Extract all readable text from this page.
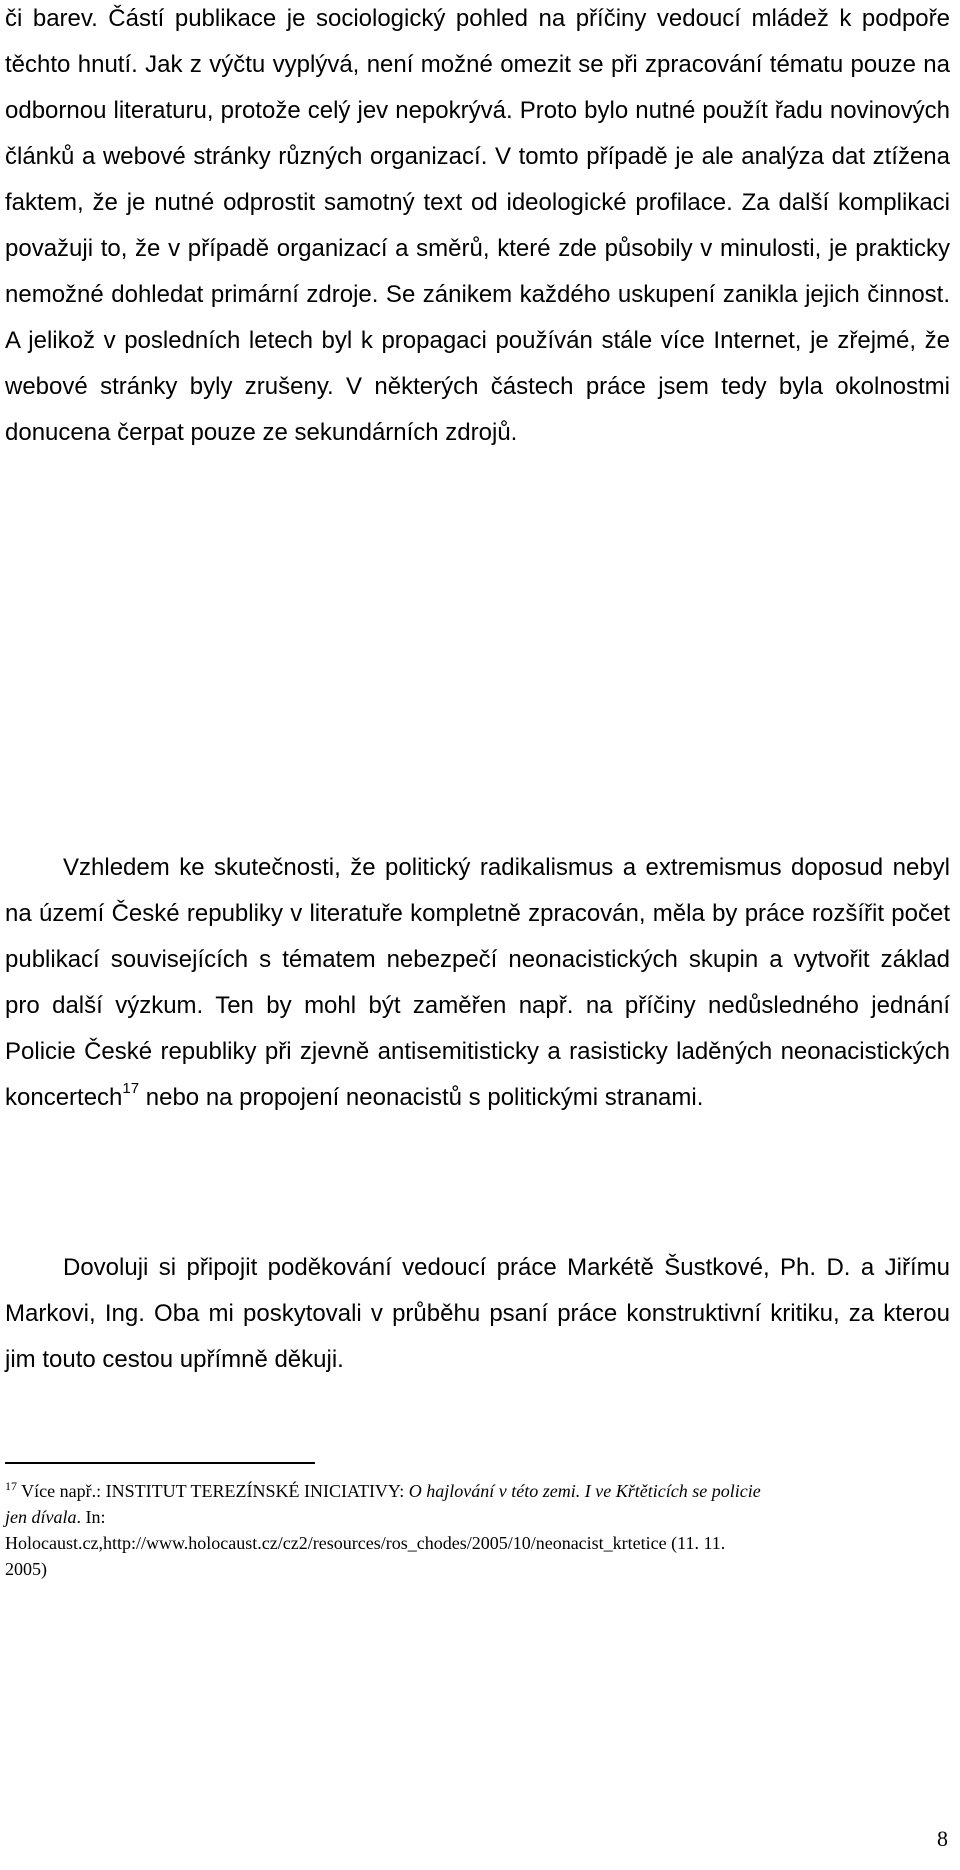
či barev. Částí publikace je sociologický pohled na příčiny vedoucí mládež k podpoře těchto hnutí. Jak z výčtu vyplývá, není možné omezit se při zpracování tématu pouze na odbornou literaturu, protože celý jev nepokrývá. Proto bylo nutné použít řadu novinových článků a webové stránky různých organizací. V tomto případě je ale analýza dat ztížena faktem, že je nutné odprostit samotný text od ideologické profilace. Za další komplikaci považuji to, že v případě organizací a směrů, které zde působily v minulosti, je prakticky nemožné dohledat primární zdroje. Se zánikem každého uskupení zanikla jejich činnost. A jelikož v posledních letech byl k propagaci používán stále více Internet, je zřejmé, že webové stránky byly zrušeny. V některých částech práce jsem tedy byla okolnostmi donucena čerpat pouze ze sekundárních zdrojů.

Vzhledem ke skutečnosti, že politický radikalismus a extremismus doposud nebyl na území České republiky v literatuře kompletně zpracován, měla by práce rozšířit počet publikací souvisejících s tématem nebezpečí neonacistických skupin a vytvořit základ pro další výzkum. Ten by mohl být zaměřen např. na příčiny nedůsledného jednání Policie České republiky při zjevně antisemitisticky a rasisticky laděných neonacistických koncertech$^{17}$ nebo na propojení neonacistů s politickými stranami.

Dovoluji si připojit poděkování vedoucí práce Markétě Šustkové, Ph. D. a Jiřímu Markovi, Ing. Oba mi poskytovali v průběhu psaní práce konstruktivní kritiku, za kterou jim touto cestou upřímně děkuji.

$^{17}$ Více např.: INSTITUT TEREZÍNSKÉ INICIATIVY: O hajlování v této zemi. I ve Křtěticích se policie jen dívala. In: Holocaust.cz,http://www.holocaust.cz/cz2/resources/ros_chodes/2005/10/neonacist_krtetice (11. 11. 2005)

8
